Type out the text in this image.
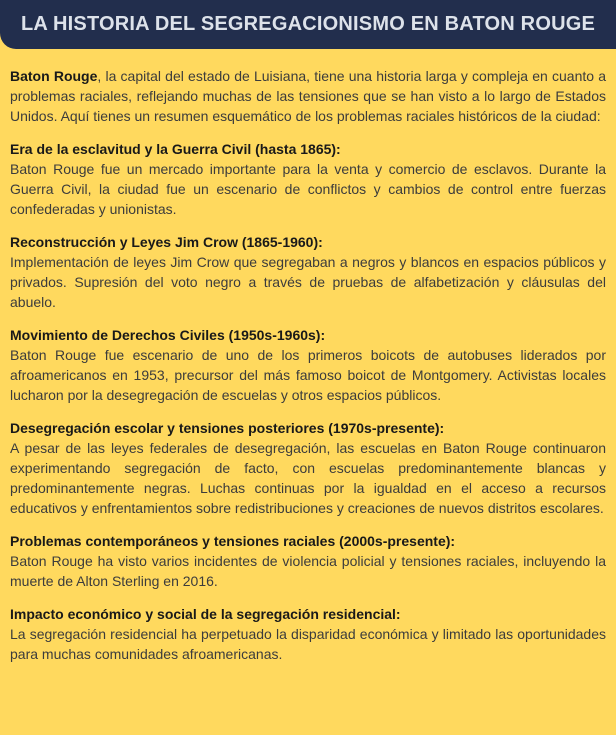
LA HISTORIA DEL SEGREGACIONISMO EN BATON ROUGE

Baton Rouge, la capital del estado de Luisiana, tiene una historia larga y compleja en cuanto a problemas raciales, reflejando muchas de las tensiones que se han visto a lo largo de Estados Unidos. Aquí tienes un resumen esquemático de los problemas raciales históricos de la ciudad:

Era de la esclavitud y la Guerra Civil (hasta 1865):

Baton Rouge fue un mercado importante para la venta y comercio de esclavos. Durante la Guerra Civil, la ciudad fue un escenario de conflictos y cambios de control entre fuerzas confederadas y unionistas.

Reconstrucción y Leyes Jim Crow (1865-1960):

Implementación de leyes Jim Crow que segregaban a negros y blancos en espacios públicos y privados. Supresión del voto negro a través de pruebas de alfabetización y cláusulas del abuelo.

Movimiento de Derechos Civiles (1950s-1960s):

Baton Rouge fue escenario de uno de los primeros boicots de autobuses liderados por afroamericanos en 1953, precursor del más famoso boicot de Montgomery. Activistas locales lucharon por la desegregación de escuelas y otros espacios públicos.

Desegregación escolar y tensiones posteriores (1970s-presente):

A pesar de las leyes federales de desegregación, las escuelas en Baton Rouge continuaron experimentando segregación de facto, con escuelas predominantemente blancas y predominantemente negras. Luchas continuas por la igualdad en el acceso a recursos educativos y enfrentamientos sobre redistribuciones y creaciones de nuevos distritos escolares.

Problemas contemporáneos y tensiones raciales (2000s-presente):

Baton Rouge ha visto varios incidentes de violencia policial y tensiones raciales, incluyendo la muerte de Alton Sterling en 2016.

Impacto económico y social de la segregación residencial:

La segregación residencial ha perpetuado la disparidad económica y limitado las oportunidades para muchas comunidades afroamericanas.
